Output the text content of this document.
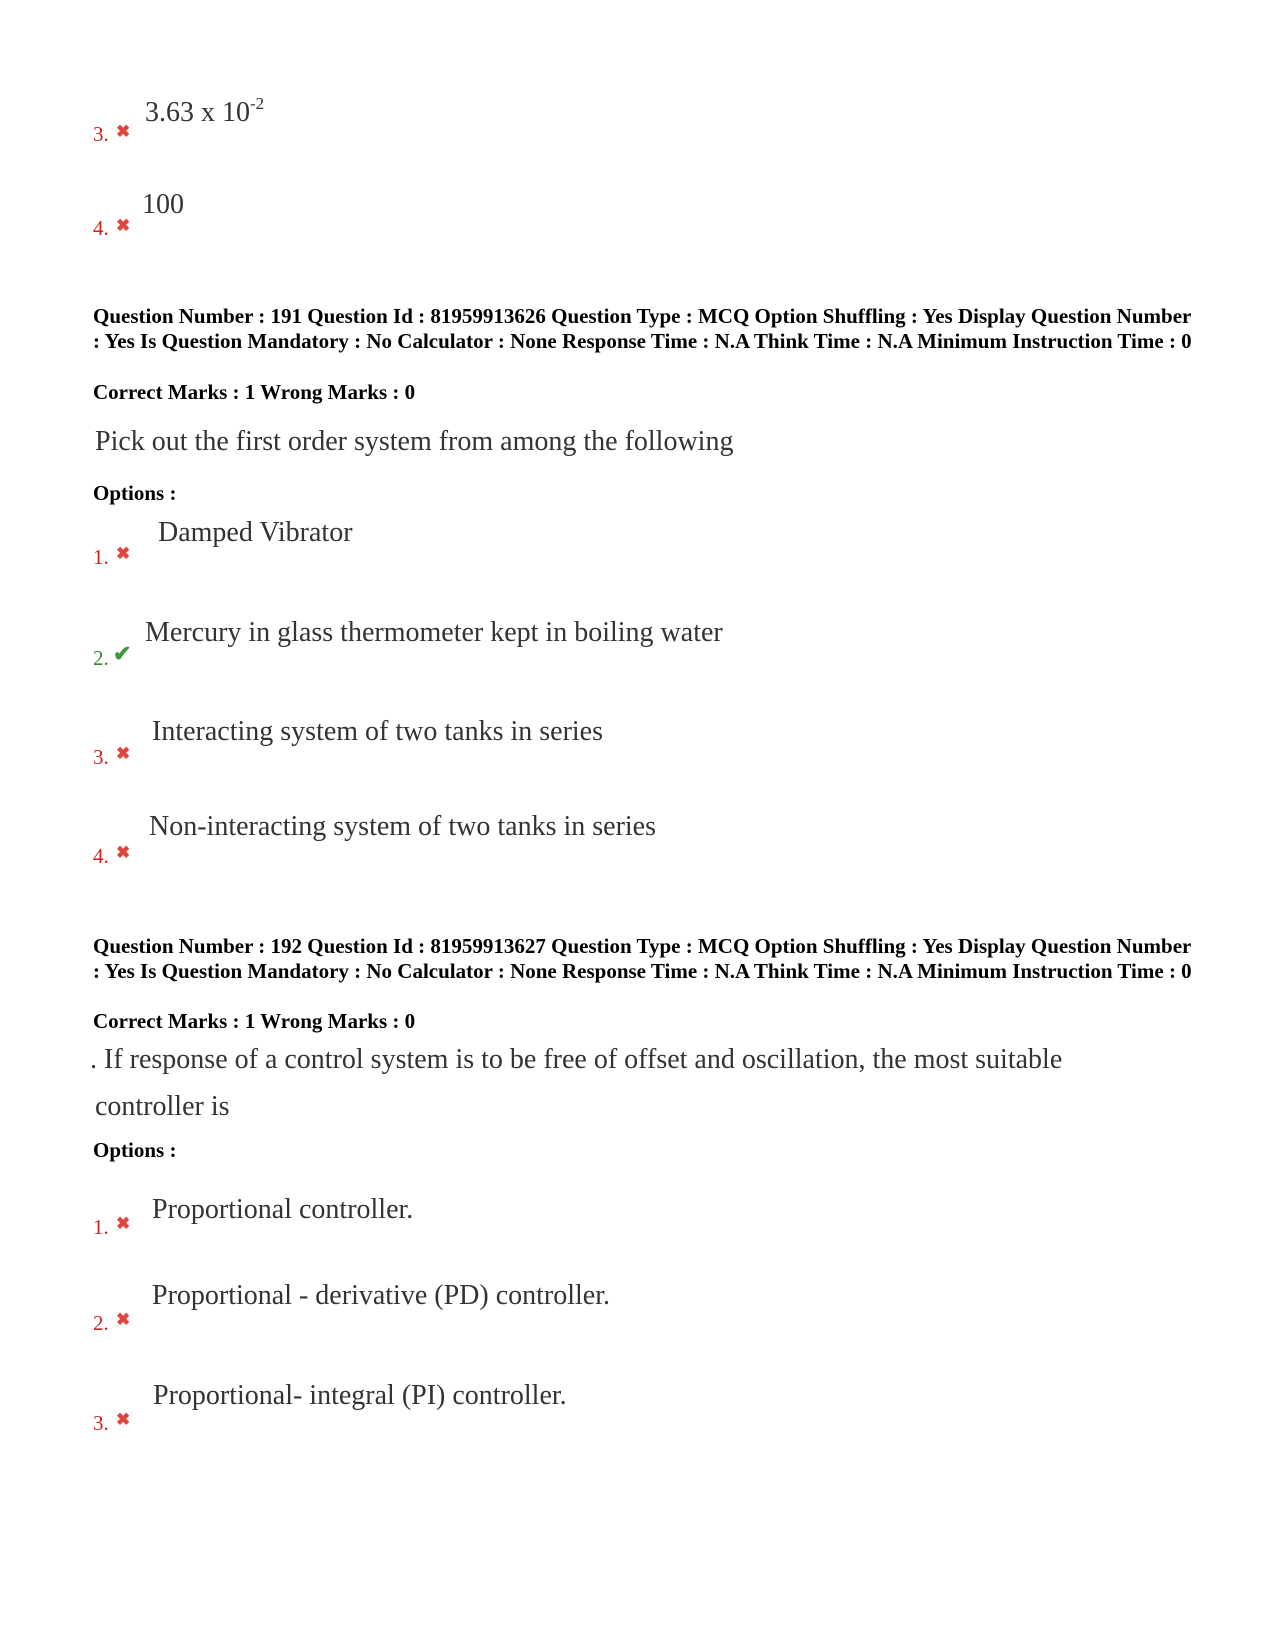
3. ✖
3.63 x $10^{-2}$
4. ✖
100
Question Number : 191 Question Id : 81959913626 Question Type : MCQ Option Shuffling : Yes Display Question Number : Yes Is Question Mandatory : No Calculator : None Response Time : N.A Think Time : N.A Minimum Instruction Time : 0
Correct Marks : 1 Wrong Marks : 0
Pick out the first order system from among the following
Options :
1. ✖
Damped Vibrator
2. ✔
Mercury in glass thermometer kept in boiling water
3. ✖
Interacting system of two tanks in series
4. ✖
Non-interacting system of two tanks in series
Question Number : 192 Question Id : 81959913627 Question Type : MCQ Option Shuffling : Yes Display Question Number : Yes Is Question Mandatory : No Calculator : None Response Time : N.A Think Time : N.A Minimum Instruction Time : 0
Correct Marks : 1 Wrong Marks : 0
. If response of a control system is to be free of offset and oscillation, the most suitable
controller is
Options :
1. ✖ Proportional controller.
2. ✖
Proportional - derivative (PD) controller.
3. ✖
Proportional- integral (PI) controller.
